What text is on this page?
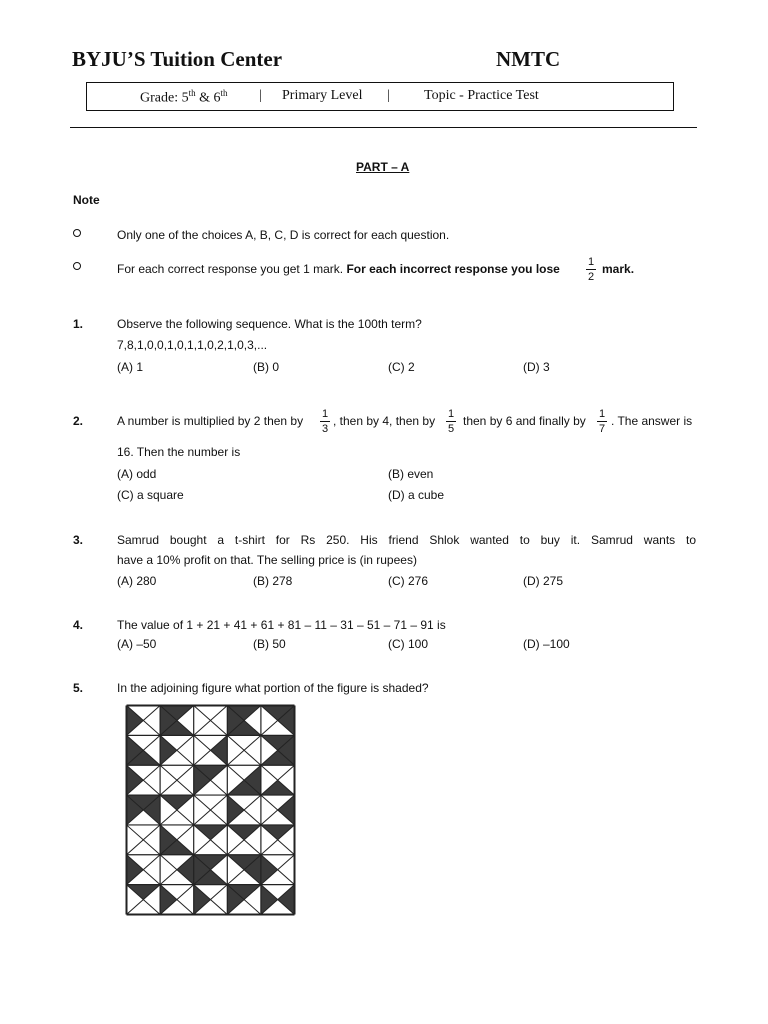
BYJU’S Tuition Center	NMTC
Grade: 5th & 6th | Primary Level | Topic - Practice Test
PART – A
Note
Only one of the choices A, B, C, D is correct for each question.
For each correct response you get 1 mark. For each incorrect response you lose	1
2
mark.
1.	Observe the following sequence. What is the 100th term?
7,8,1,0,0,1,0,1,1,0,2,1,0,3,...
(A) 1	(B) 0	(C) 2	(D) 3
2.	A number is multiplied by 2 then by 1
3
, then by 4, then by 1
5
then by 6 and finally by 1
7
. The answer is
16. Then the number is
(A) odd	(B) even
(C) a square	(D) a cube
3.	Samrud bought a t-shirt for Rs 250. His friend Shlok wanted to buy it. Samrud wants to
have a 10% profit on that. The selling price is (in rupees)
(A) 280	(B) 278	(C) 276	(D) 275
4.	The value of 1 + 21 + 41 + 61 + 81 – 11 – 31 – 51 – 71 – 91 is
(A) –50	(B) 50	(C) 100	(D) –100
5.	In the adjoining figure what portion of the figure is shaded?
